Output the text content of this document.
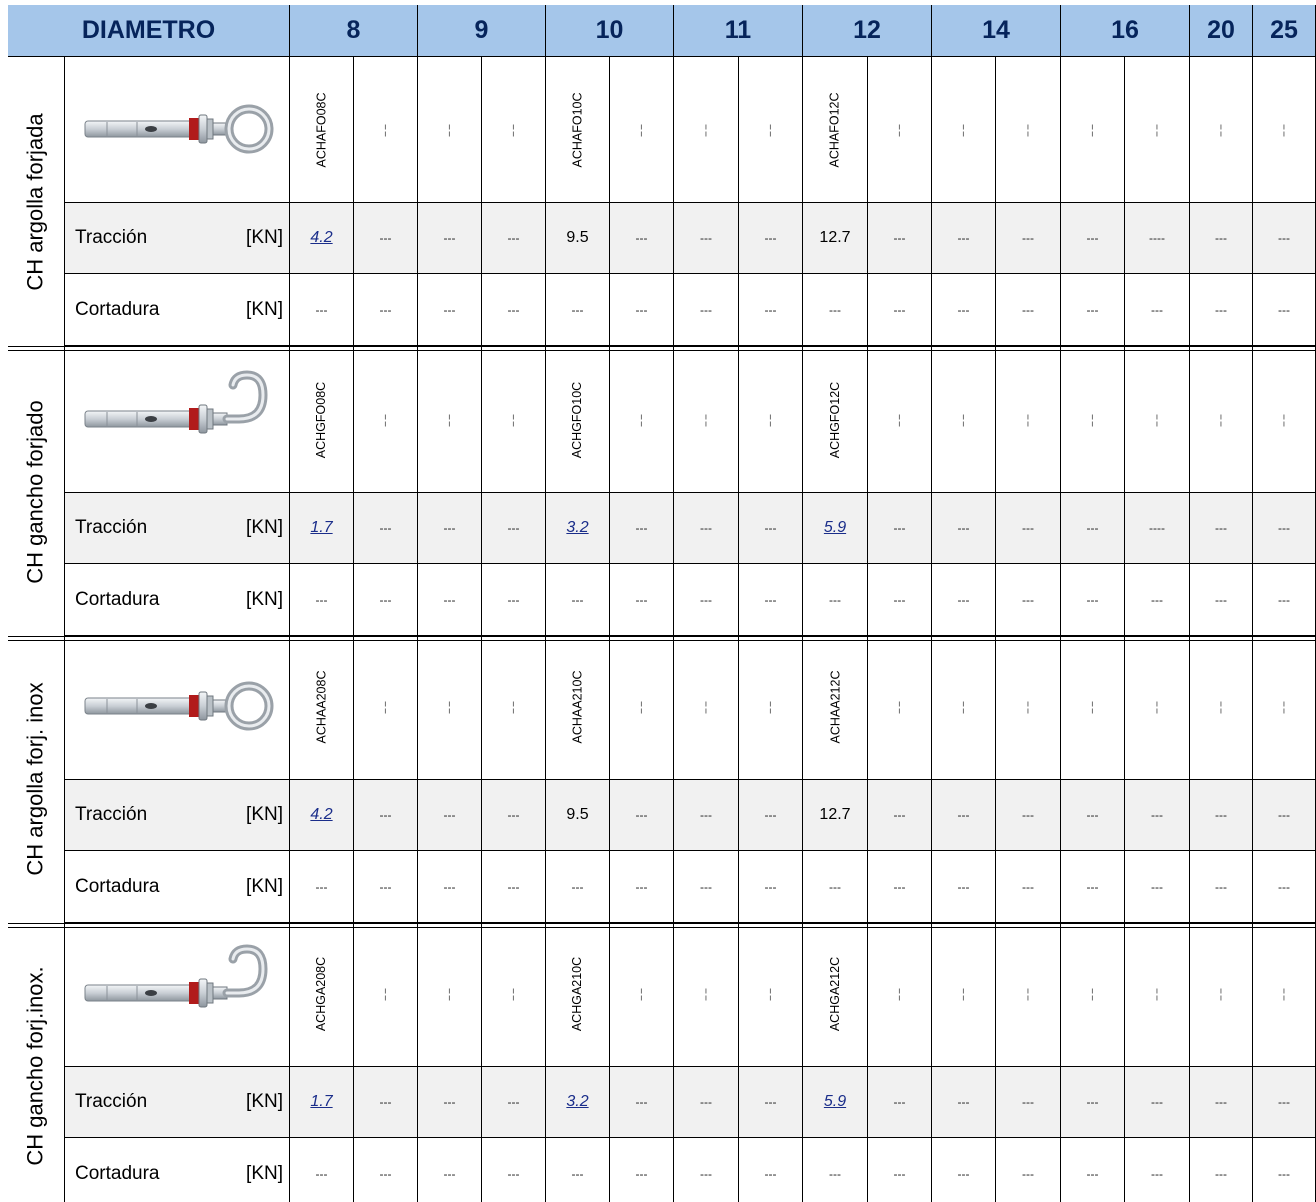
DIAMETRO	8	9	10	11	12	14	16	20	25
CH argolla forjada	ACHAFO08C	¦	¦	¦	ACHAFO10C	¦	¦	¦	ACHAFO12C	¦	¦	¦	¦	¦	¦	¦
Tracción	[KN] 4.2	---	---	---	9.5	---	---	---	12.7	---	---	---	---	----	---	---
Cortadura	[KN]	---	---	---	---	---	---	---	---	---	---	---	---	---	---	---	---
CH gancho forjado	ACHGFO08C	¦	¦	¦	ACHGFO10C	¦	¦	¦	ACHGFO12C	¦	¦	¦	¦	¦	¦	¦
Tracción	[KN] 1.7	---	---	---	3.2	---	---	---	5.9	---	---	---	---	----	---	---
Cortadura	[KN]	---	---	---	---	---	---	---	---	---	---	---	---	---	---	---	---
CH argolla forj. inox	ACHAA208C	¦	¦	¦	ACHAA210C	¦	¦	¦	ACHAA212C	¦	¦	¦	¦	¦	¦	¦
Tracción	[KN] 4.2	---	---	---	9.5	---	---	---	12.7	---	---	---	---	---	---	---
Cortadura	[KN]	---	---	---	---	---	---	---	---	---	---	---	---	---	---	---	---
CH gancho forj.inox.	ACHGA208C	¦	¦	¦	ACHGA210C	¦	¦	¦	ACHGA212C	¦	¦	¦	¦	¦	¦	¦
Tracción	[KN] 1.7	---	---	---	3.2	---	---	---	5.9	---	---	---	---	---	---	---
Cortadura	[KN]	---	---	---	---	---	---	---	---	---	---	---	---	---	---	---	---
